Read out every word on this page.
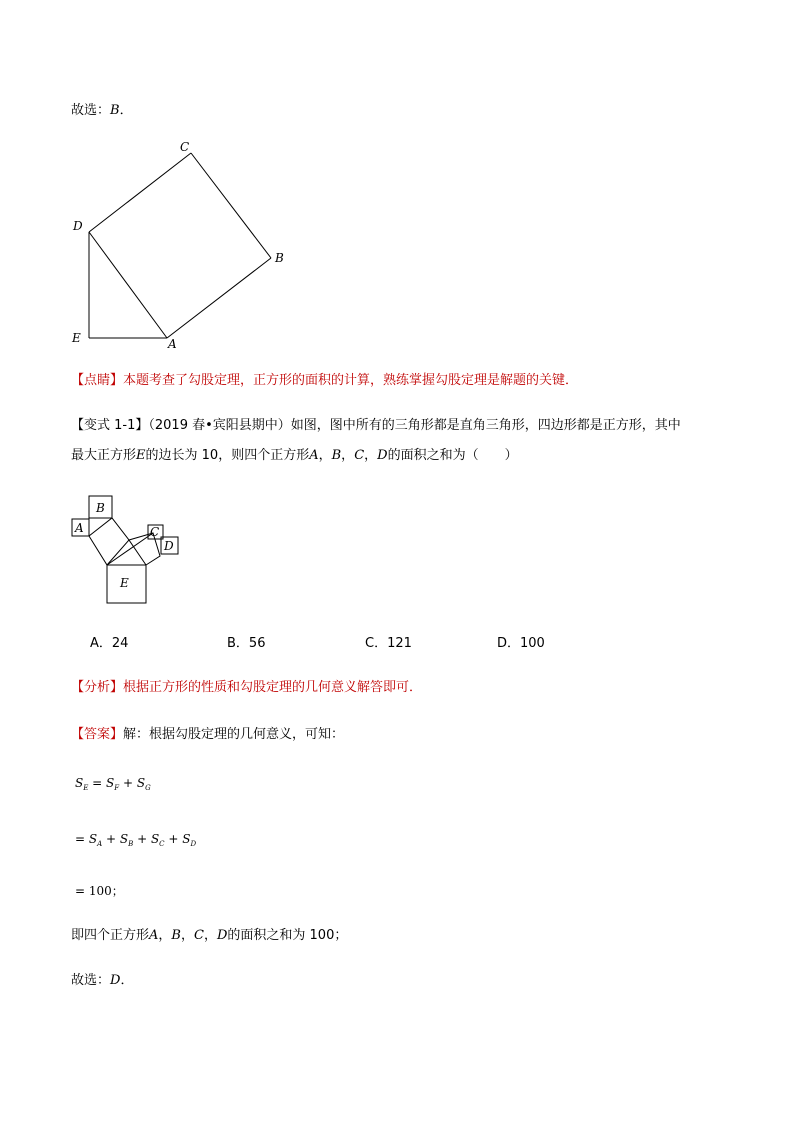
故选：B．
C
D
B
E	A
【点睛】本题考查了勾股定理，正方形的面积的计算，熟练掌握勾股定理是解题的关键．
【变式 1-1】（2019 春•宾阳县期中）如图，图中所有的三角形都是直角三角形，四边形都是正方形，其中
最大正方形E的边长为 10，则四个正方形A，B，C，D的面积之和为（　　）
B
A	C
D
E
A．24	B．56	C．121	D．100
【分析】根据正方形的性质和勾股定理的几何意义解答即可．
【答案】解：根据勾股定理的几何意义，可知：
$S_E = S_F + S_G$
= $S_A + S_B + S_C + S_D$
= 100；
即四个正方形A，B，C，D的面积之和为 100；
故选：D．
